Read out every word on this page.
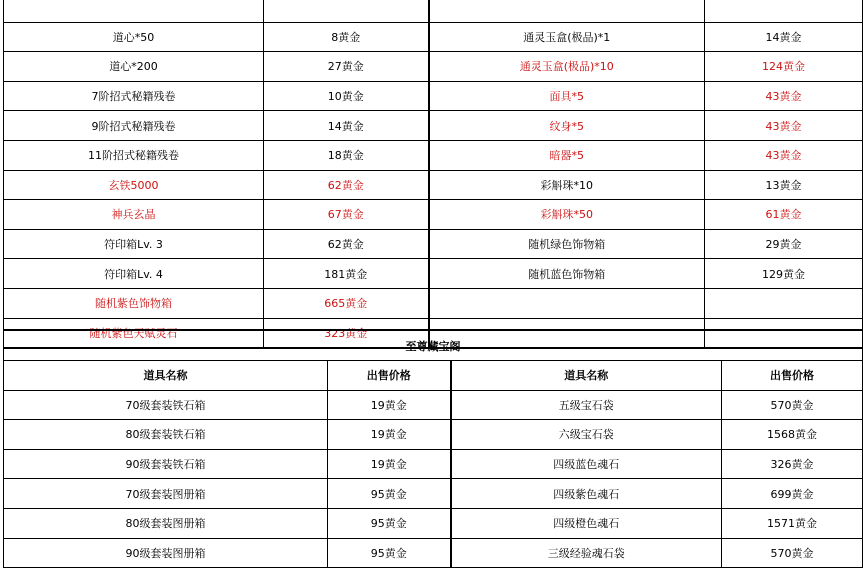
道心*50	8黄金	通灵玉盒(极品)*1	14黄金
道心*200	27黄金	通灵玉盒(极品)*10	124黄金
7阶招式秘籍残卷	10黄金	面具*5	43黄金
9阶招式秘籍残卷	14黄金	纹身*5	43黄金
11阶招式秘籍残卷	18黄金	暗器*5	43黄金
玄铁5000	62黄金	彩斛珠*10	13黄金
神兵玄晶	67黄金	彩斛珠*50	61黄金
符印箱Lv. 3	62黄金	随机绿色饰物箱	29黄金
符印箱Lv. 4	181黄金	随机蓝色饰物箱	129黄金
随机紫色饰物箱	665黄金		
随机紫色天赋灵石	323黄金		
至尊藏宝阁			
道具名称	出售价格	道具名称	出售价格
70级套装铁石箱	19黄金	五级宝石袋	570黄金
80级套装铁石箱	19黄金	六级宝石袋	1568黄金
90级套装铁石箱	19黄金	四级蓝色魂石	326黄金
70级套装图册箱	95黄金	四级紫色魂石	699黄金
80级套装图册箱	95黄金	四级橙色魂石	1571黄金
90级套装图册箱	95黄金	三级经验魂石袋	570黄金
